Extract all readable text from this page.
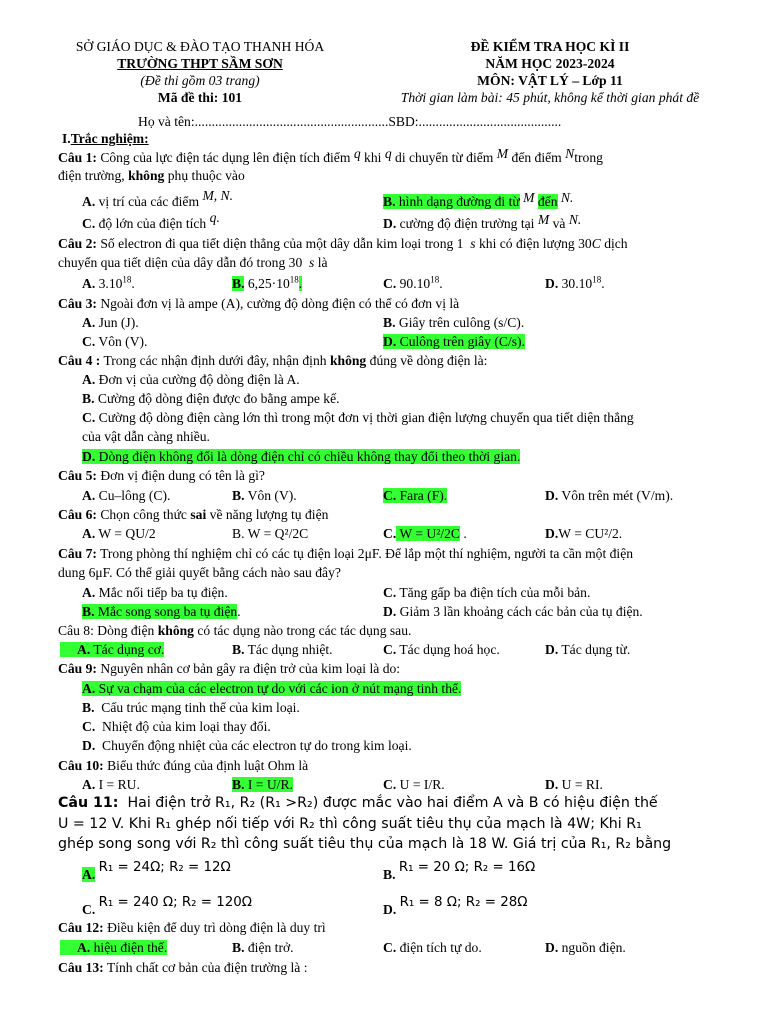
SỞ GIÁO DỤC & ĐÀO TẠO THANH HÓA
TRƯỜNG THPT SẦM SƠN
(Đề thi gồm 03 trang)
Mã đề thi: 101
ĐỀ KIỂM TRA HỌC KÌ II
NĂM HỌC 2023-2024
MÔN: VẬT LÝ – Lớp 11
Thời gian làm bài: 45 phút, không kể thời gian phát đề
Họ và tên:.........................................................SBD:..........................................
I.Trắc nghiệm:
Câu 1: Công của lực điện tác dụng lên điện tích điểm q khi q di chuyển từ điểm M đến điểm Ntrong
điện trường, không phụ thuộc vào
A. vị trí của các điểm M, N.	B. hình dạng đường đi từ M đến N.
C. độ lớn của điện tích q.	D. cường độ điện trường tại M và N.
Câu 2: Số electron đi qua tiết diện thẳng của một dây dẫn kim loại trong 1 s khi có điện lượng 30C dịch
chuyển qua tiết diện của dây dẫn đó trong 30 s là
A. 3.10$^{18}$.	B. $6,25\cdot 10^{18}$.	C. 90.10$^{18}$.	D. 30.10$^{18}$.
Câu 3: Ngoài đơn vị là ampe (A), cường độ dòng điện có thể có đơn vị là
A. Jun (J).	B. Giây trên culông (s/C).
C. Vôn (V).	D. Culông trên giây (C/s).
Câu 4 : Trong các nhận định dưới đây, nhận định không đúng về dòng điện là:
A. Đơn vị của cường độ dòng điện là A.
B. Cường độ dòng điện được đo bằng ampe kế.
C. Cường độ dòng điện càng lớn thì trong một đơn vị thời gian điện lượng chuyển qua tiết diện thẳng
của vật dẫn càng nhiều.
D. Dòng điện không đổi là dòng điện chỉ có chiều không thay đổi theo thời gian.
Câu 5: Đơn vị điện dung có tên là gì?
A. Cu–lông (C).	B. Vôn (V).	C. Fara (F).	D. Vôn trên mét (V/m).
Câu 6: Chọn công thức sai về năng lượng tụ điện
A. W = QU/2	B. W = Q²/2C	C. W = U²/2C .	D.W = CU²/2.
Câu 7: Trong phòng thí nghiệm chỉ có các tụ điện loại 2μF. Để lắp một thí nghiệm, người ta cần một điện
dung 6μF. Có thể giải quyết bằng cách nào sau đây?
A. Mắc nối tiếp ba tụ điện.	C. Tăng gấp ba điện tích của mỗi bản.
B. Mắc song song ba tụ điện.	D. Giảm 3 lần khoảng cách các bản của tụ điện.
Câu 8: Dòng điện không có tác dụng nào trong các tác dụng sau.
A. Tác dụng cơ.	B. Tác dụng nhiệt.	C. Tác dụng hoá học.	D. Tác dụng từ.
Câu 9: Nguyên nhân cơ bản gây ra điện trở của kim loại là do:
A. Sự va chạm của các electron tự do với các ion ở nút mạng tinh thể.
B. Cấu trúc mạng tinh thể của kim loại.
C. Nhiệt độ của kim loại thay đổi.
D. Chuyển động nhiệt của các electron tự do trong kim loại.
Câu 10: Biểu thức đúng của định luật Ohm là
A. I = RU.	B. I = U/R.	C. U = I/R.	D. U = RI.
Câu 11: Hai điện trở R₁, R₂ (R₁ >R₂) được mắc vào hai điểm A và B có hiệu điện thế
U = 12 V. Khi R₁ ghép nối tiếp với R₂ thì công suất tiêu thụ của mạch là 4W; Khi R₁
ghép song song với R₂ thì công suất tiêu thụ của mạch là 18 W. Giá trị của R₁, R₂ bằng
A. R₁ = 24Ω; R₂ = 12Ω	B. R₁ = 20 Ω; R₂ = 16Ω
C. R₁ = 240 Ω; R₂ = 120Ω	D. R₁ = 8 Ω; R₂ = 28Ω
Câu 12: Điều kiện để duy trì dòng điện là duy trì
A. hiệu điện thế.	B. điện trở.	C. điện tích tự do.	D. nguồn điện.
Câu 13: Tính chất cơ bản của điện trường là :
